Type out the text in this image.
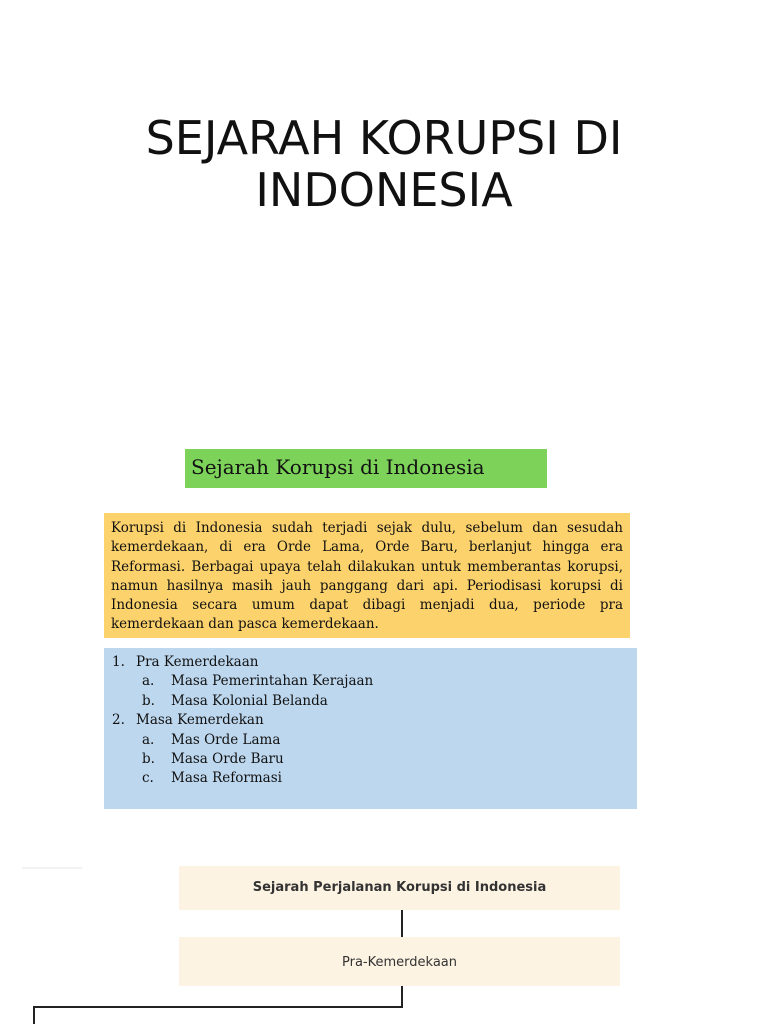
SEJARAH KORUPSI DI
INDONESIA
Sejarah Korupsi di Indonesia
Korupsi di Indonesia sudah terjadi sejak dulu, sebelum dan sesudah kemerdekaan, di era Orde Lama, Orde Baru, berlanjut hingga era Reformasi. Berbagai upaya telah dilakukan untuk memberantas korupsi, namun hasilnya masih jauh panggang dari api. Periodisasi korupsi di Indonesia secara umum dapat dibagi menjadi dua, periode pra kemerdekaan dan pasca kemerdekaan.
1. Pra Kemerdekaan
a.	Masa Pemerintahan Kerajaan
b.	Masa Kolonial Belanda
2. Masa Kemerdekan
a.	Mas Orde Lama
b.	Masa Orde Baru
c.	Masa Reformasi
Sejarah Perjalanan Korupsi di Indonesia
Pra-Kemerdekaan
